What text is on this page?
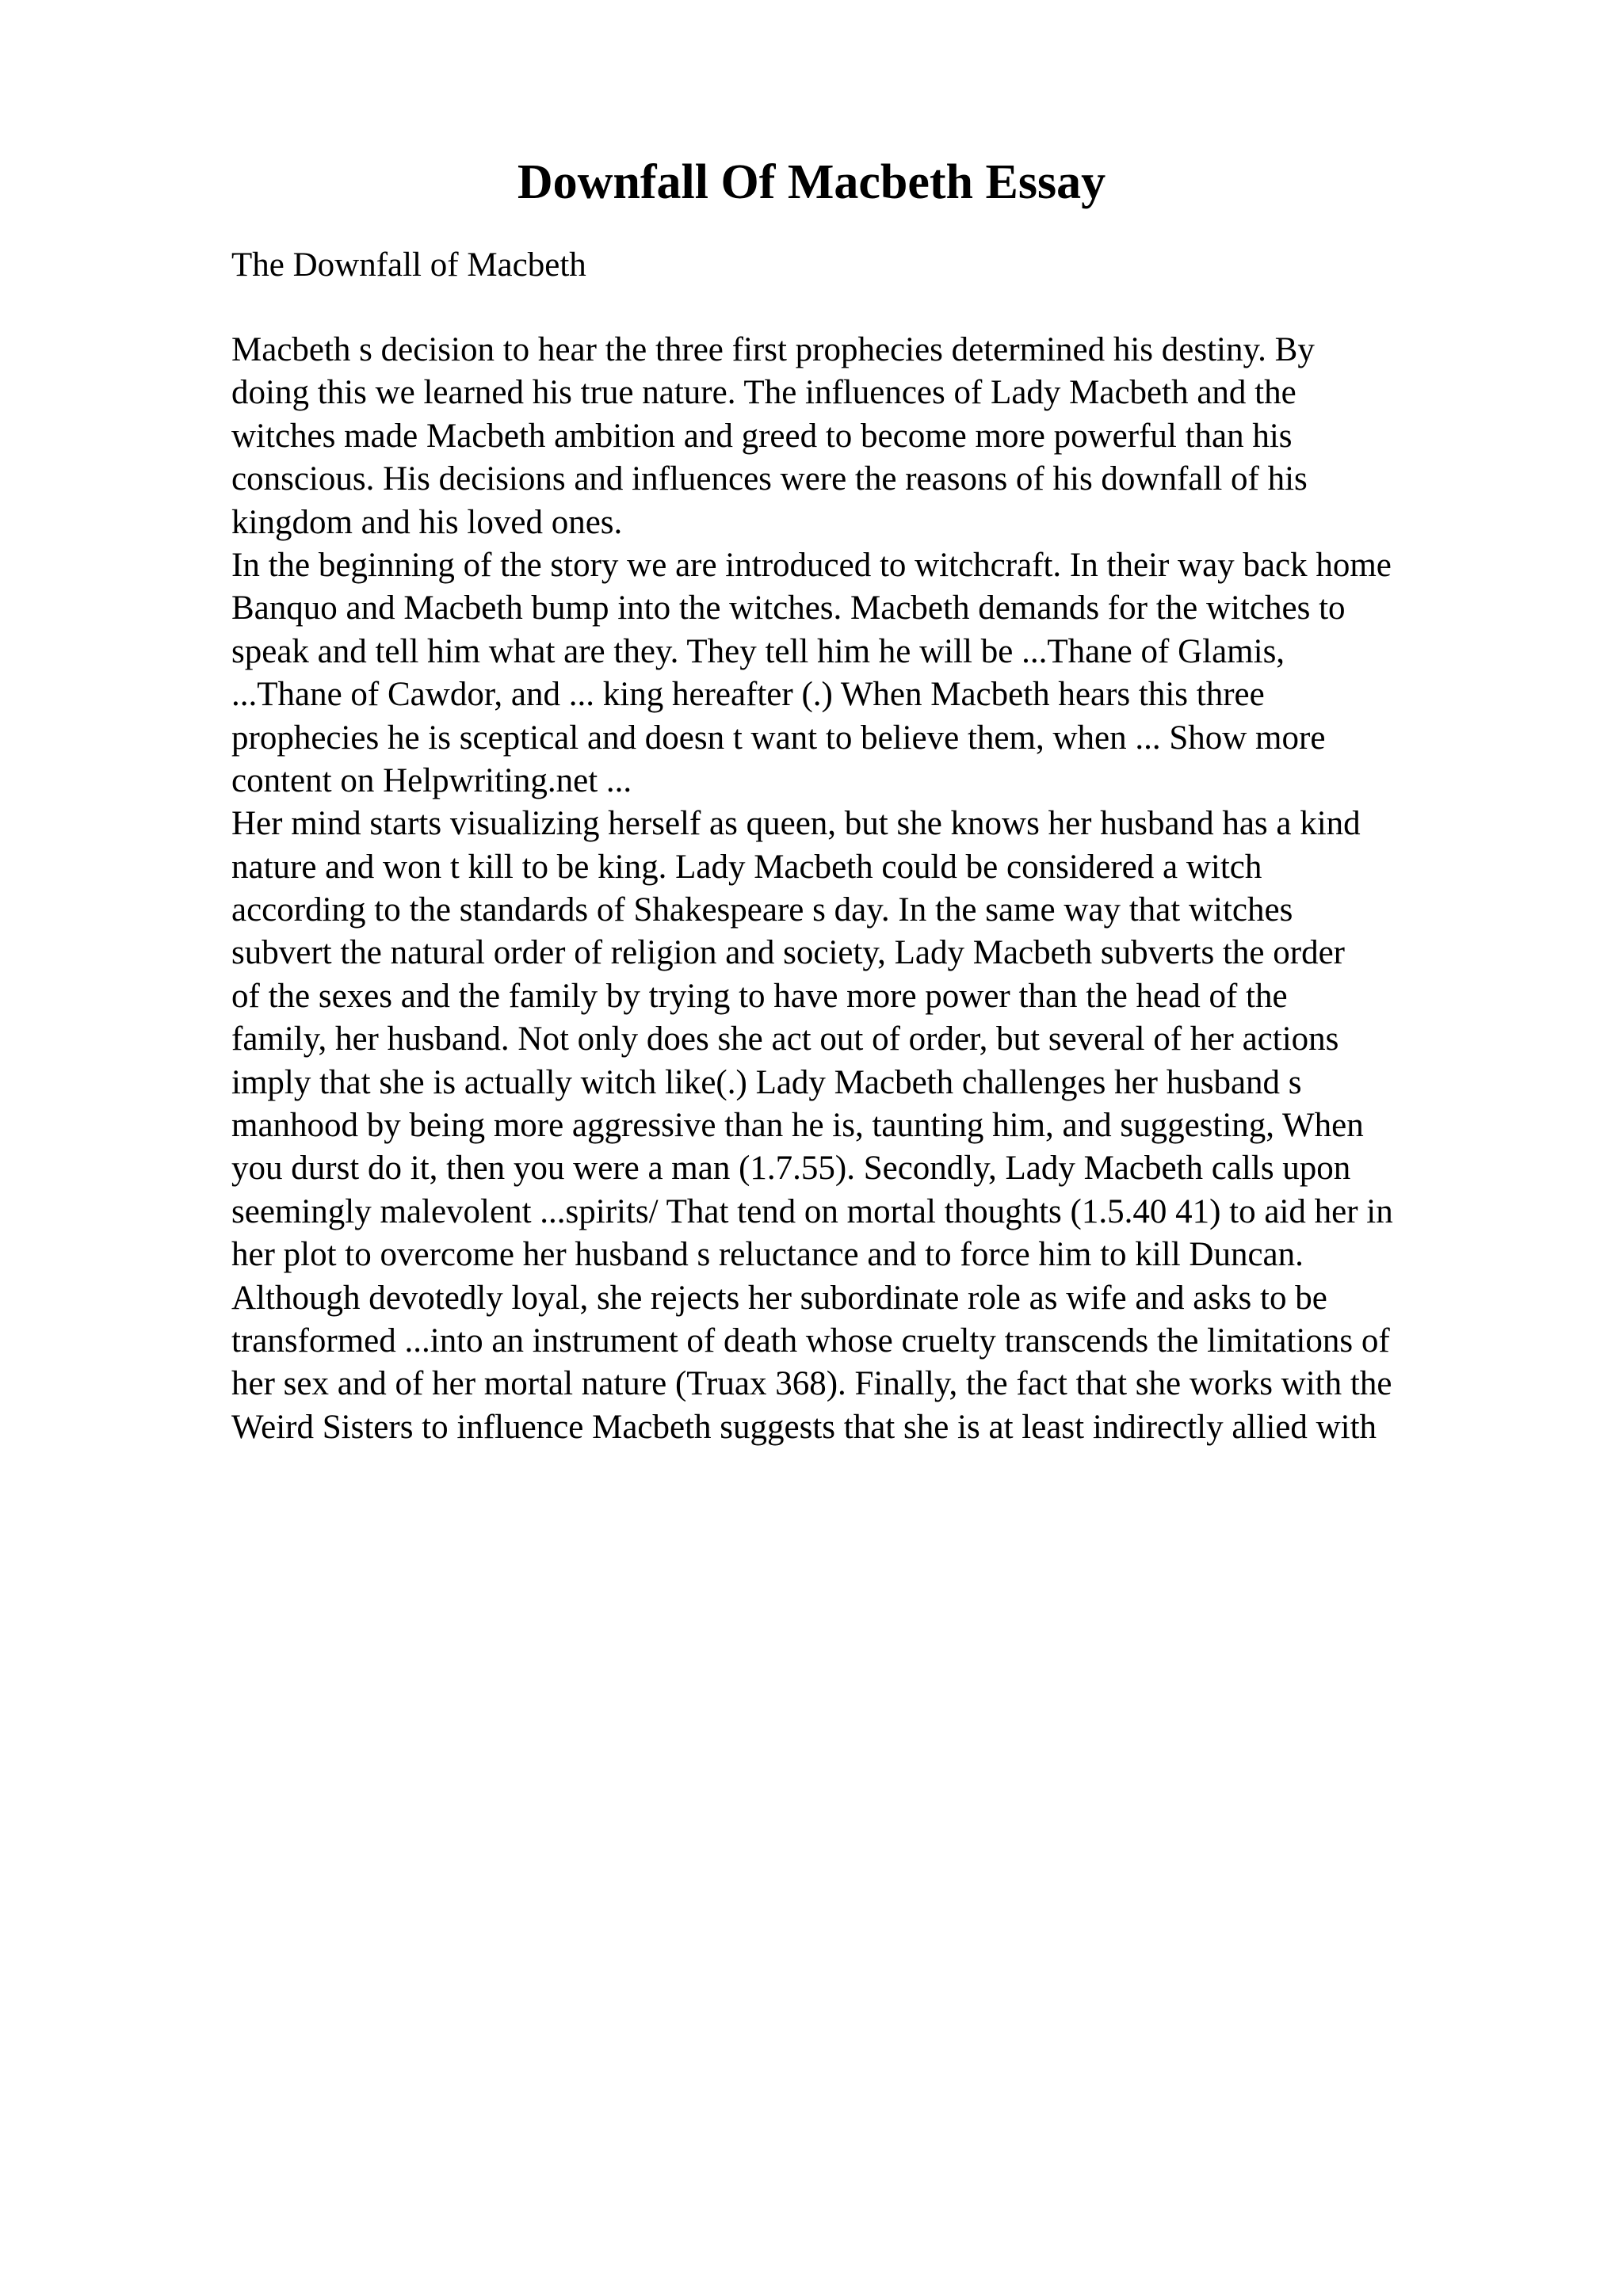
Downfall Of Macbeth Essay

The Downfall of Macbeth

Macbeth s decision to hear the three first prophecies determined his destiny. By
doing this we learned his true nature. The influences of Lady Macbeth and the
witches made Macbeth ambition and greed to become more powerful than his
conscious. His decisions and influences were the reasons of his downfall of his
kingdom and his loved ones.
In the beginning of the story we are introduced to witchcraft. In their way back home
Banquo and Macbeth bump into the witches. Macbeth demands for the witches to
speak and tell him what are they. They tell him he will be ...Thane of Glamis,
...Thane of Cawdor, and ... king hereafter (.) When Macbeth hears this three
prophecies he is sceptical and doesn t want to believe them, when ... Show more
content on Helpwriting.net ...
Her mind starts visualizing herself as queen, but she knows her husband has a kind
nature and won t kill to be king. Lady Macbeth could be considered a witch
according to the standards of Shakespeare s day. In the same way that witches
subvert the natural order of religion and society, Lady Macbeth subverts the order
of the sexes and the family by trying to have more power than the head of the
family, her husband. Not only does she act out of order, but several of her actions
imply that she is actually witch like(.) Lady Macbeth challenges her husband s
manhood by being more aggressive than he is, taunting him, and suggesting, When
you durst do it, then you were a man (1.7.55). Secondly, Lady Macbeth calls upon
seemingly malevolent ...spirits/ That tend on mortal thoughts (1.5.40 41) to aid her in
her plot to overcome her husband s reluctance and to force him to kill Duncan.
Although devotedly loyal, she rejects her subordinate role as wife and asks to be
transformed ...into an instrument of death whose cruelty transcends the limitations of
her sex and of her mortal nature (Truax 368). Finally, the fact that she works with the
Weird Sisters to influence Macbeth suggests that she is at least indirectly allied with
